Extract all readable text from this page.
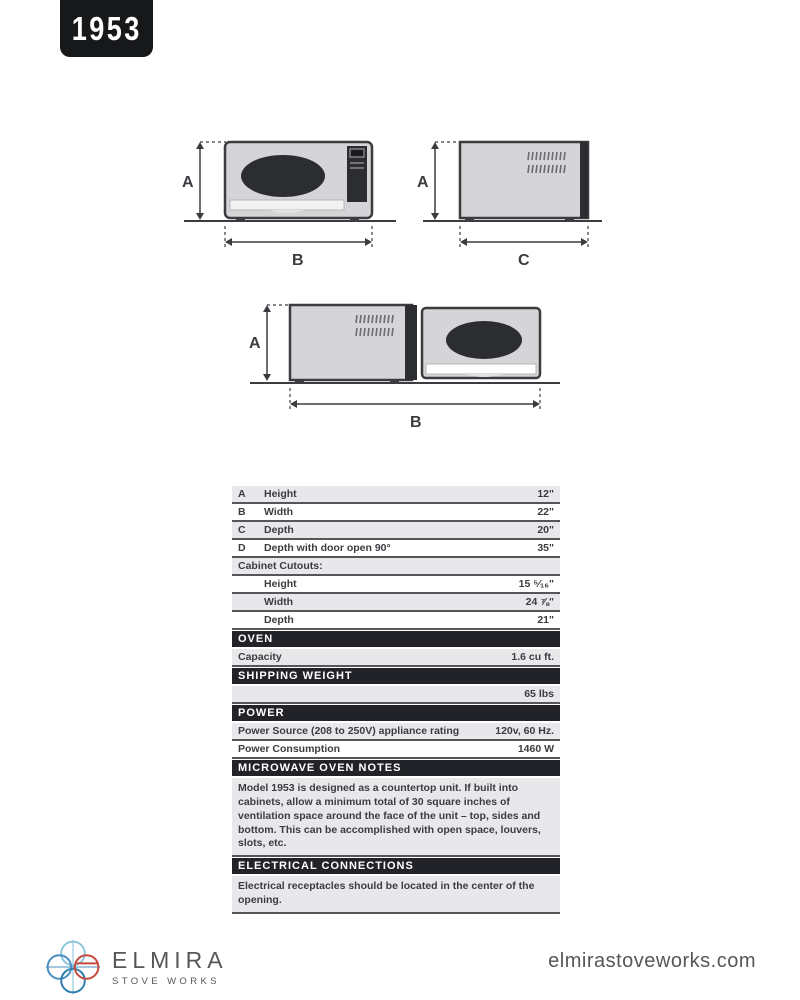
1953
A
B
A
C
A
B
A	Height	12"
B	Width	22"
C	Depth	20"
D	Depth with door open 90°	35"
Cabinet Cutouts:
Height	15 ⁵⁄₁₆"
Width	24 ⅞"
Depth	21"
OVEN
Capacity	1.6 cu ft.
SHIPPING WEIGHT
65 lbs
POWER
Power Source (208 to 250V) appliance rating	120v, 60 Hz.
Power Consumption	1460 W
MICROWAVE OVEN NOTES
Model 1953 is designed as a countertop unit. If built into cabinets, allow a minimum total of 30 square inches of ventilation space around the face of the unit – top, sides and bottom. This can be accomplished with open space, louvers, slots, etc.
ELECTRICAL CONNECTIONS
Electrical receptacles should be located in the center of the opening.
ELMIRA
STOVE WORKS
elmirastoveworks.com
